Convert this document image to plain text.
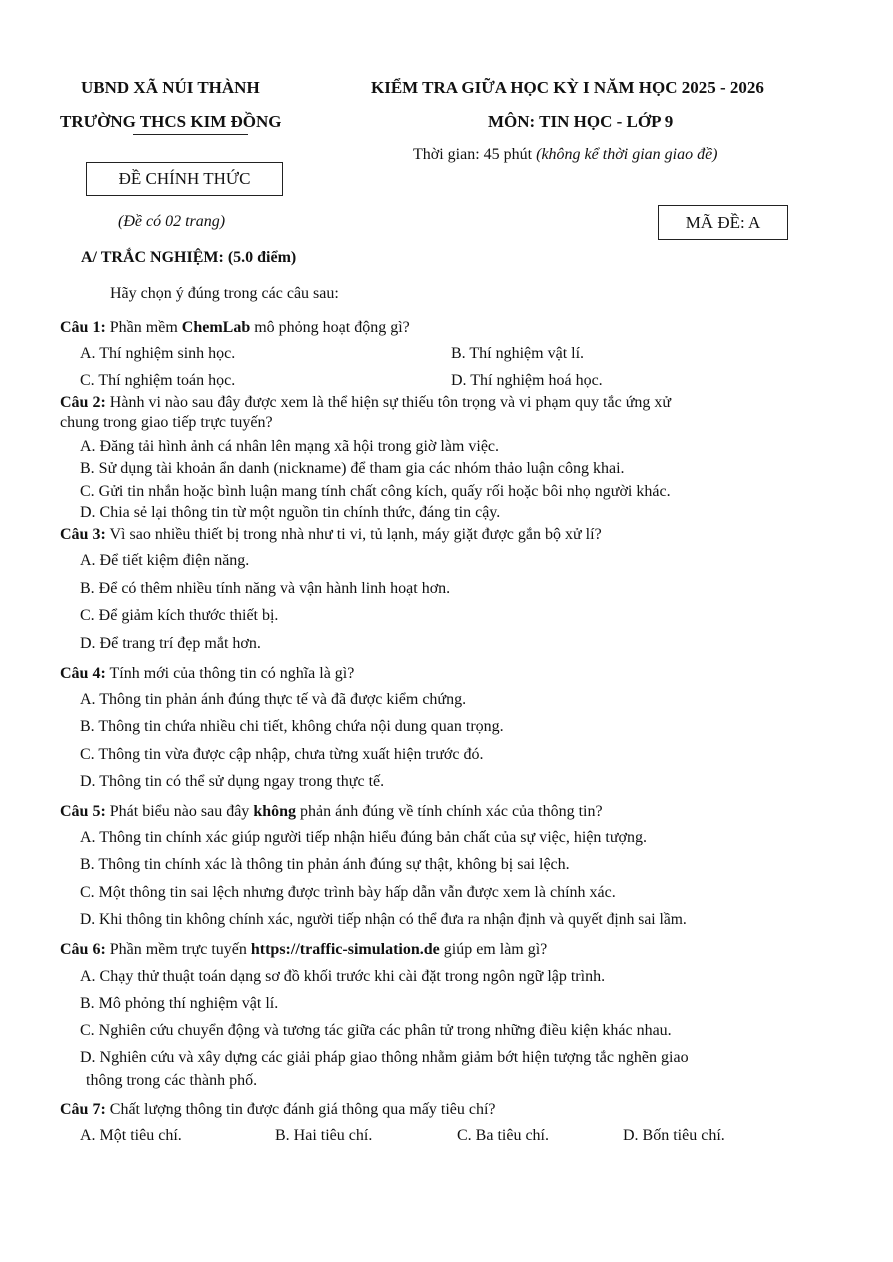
UBND XÃ NÚI THÀNH
TRƯỜNG THCS KIM ĐỒNG
KIỂM TRA GIỮA HỌC KỲ I NĂM HỌC 2025 - 2026
MÔN: TIN HỌC - LỚP 9
Thời gian: 45 phút (không kể thời gian giao đề)
ĐỀ CHÍNH THỨC
(Đề có 02 trang)	MÃ ĐỀ: A
A/ TRẮC NGHIỆM: (5.0 điểm)
Hãy chọn ý đúng trong các câu sau:
Câu 1: Phần mềm ChemLab mô phỏng hoạt động gì?
A. Thí nghiệm sinh học.	B. Thí nghiệm vật lí.
C. Thí nghiệm toán học.	D. Thí nghiệm hoá học.
Câu 2: Hành vi nào sau đây được xem là thể hiện sự thiếu tôn trọng và vi phạm quy tắc ứng xử
chung trong giao tiếp trực tuyến?
A. Đăng tải hình ảnh cá nhân lên mạng xã hội trong giờ làm việc.
B. Sử dụng tài khoản ẩn danh (nickname) để tham gia các nhóm thảo luận công khai.
C. Gửi tin nhắn hoặc bình luận mang tính chất công kích, quấy rối hoặc bôi nhọ người khác.
D. Chia sẻ lại thông tin từ một nguồn tin chính thức, đáng tin cậy.
Câu 3: Vì sao nhiều thiết bị trong nhà như ti vi, tủ lạnh, máy giặt được gắn bộ xử lí?
A. Để tiết kiệm điện năng.
B. Để có thêm nhiều tính năng và vận hành linh hoạt hơn.
C. Để giảm kích thước thiết bị.
D. Để trang trí đẹp mắt hơn.
Câu 4: Tính mới của thông tin có nghĩa là gì?
A. Thông tin phản ánh đúng thực tế và đã được kiểm chứng.
B. Thông tin chứa nhiều chi tiết, không chứa nội dung quan trọng.
C. Thông tin vừa được cập nhập, chưa từng xuất hiện trước đó.
D. Thông tin có thể sử dụng ngay trong thực tế.
Câu 5: Phát biểu nào sau đây không phản ánh đúng về tính chính xác của thông tin?
A. Thông tin chính xác giúp người tiếp nhận hiểu đúng bản chất của sự việc, hiện tượng.
B. Thông tin chính xác là thông tin phản ánh đúng sự thật, không bị sai lệch.
C. Một thông tin sai lệch nhưng được trình bày hấp dẫn vẫn được xem là chính xác.
D. Khi thông tin không chính xác, người tiếp nhận có thể đưa ra nhận định và quyết định sai lầm.
Câu 6: Phần mềm trực tuyến https://traffic-simulation.de giúp em làm gì?
A. Chạy thử thuật toán dạng sơ đồ khối trước khi cài đặt trong ngôn ngữ lập trình.
B. Mô phỏng thí nghiệm vật lí.
C. Nghiên cứu chuyển động và tương tác giữa các phân tử trong những điều kiện khác nhau.
D. Nghiên cứu và xây dựng các giải pháp giao thông nhằm giảm bớt hiện tượng tắc nghẽn giao
thông trong các thành phố.
Câu 7: Chất lượng thông tin được đánh giá thông qua mấy tiêu chí?
A. Một tiêu chí.	B. Hai tiêu chí.	C. Ba tiêu chí.	D. Bốn tiêu chí.
